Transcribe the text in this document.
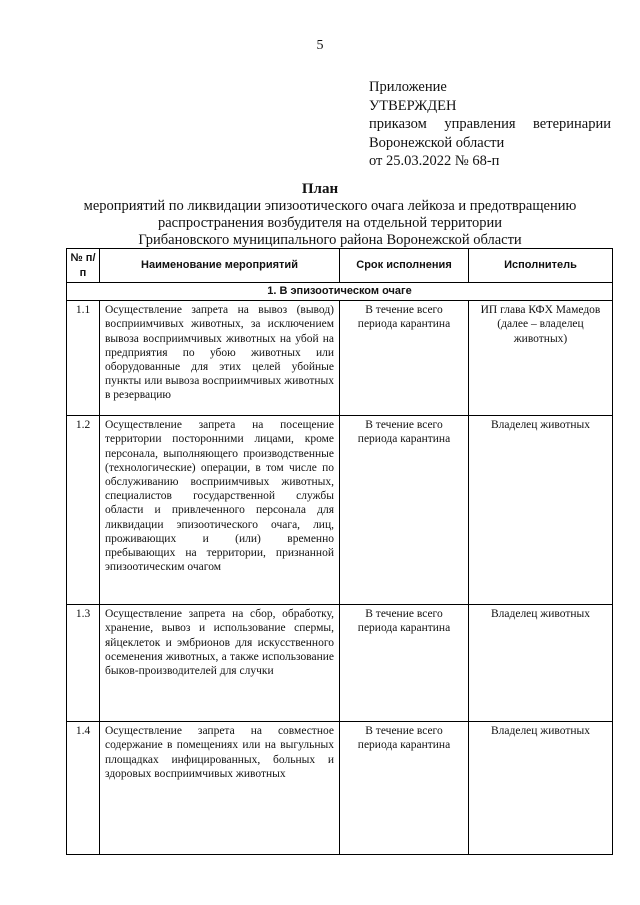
5
Приложение
УТВЕРЖДЕН
приказом управления ветеринарии
Воронежской области
от 25.03.2022 № 68-п
План
мероприятий по ликвидации эпизоотического очага лейкоза и предотвращению
распространения возбудителя на отдельной территории
Грибановского муниципального района Воронежской области
№ п/п	Наименование мероприятий	Срок исполнения	Исполнитель
1. В эпизоотическом очаге			
1.1	Осуществление запрета на вывоз (вывод) восприимчивых животных, за исключением вывоза восприимчивых животных на убой на предприятия по убою животных или оборудованные для этих целей убойные пункты или вывоза восприимчивых животных в резервацию	В течение всего периода карантина	ИП глава КФХ Мамедов (далее – владелец животных)
1.2	Осуществление запрета на посещение территории посторонними лицами, кроме персонала, выполняющего производственные (технологические) операции, в том числе по обслуживанию восприимчивых животных, специалистов государственной службы области и привлеченного персонала для ликвидации эпизоотического очага, лиц, проживающих и (или) временно пребывающих на территории, признанной эпизоотическим очагом	В течение всего периода карантина	Владелец животных
1.3	Осуществление запрета на сбор, обработку, хранение, вывоз и использование спермы, яйцеклеток и эмбрионов для искусственного осеменения животных, а также использование быков-производителей для случки	В течение всего периода карантина	Владелец животных
1.4	Осуществление запрета на совместное содержание в помещениях или на выгульных площадках инфицированных, больных и здоровых восприимчивых животных	В течение всего периода карантина	Владелец животных
